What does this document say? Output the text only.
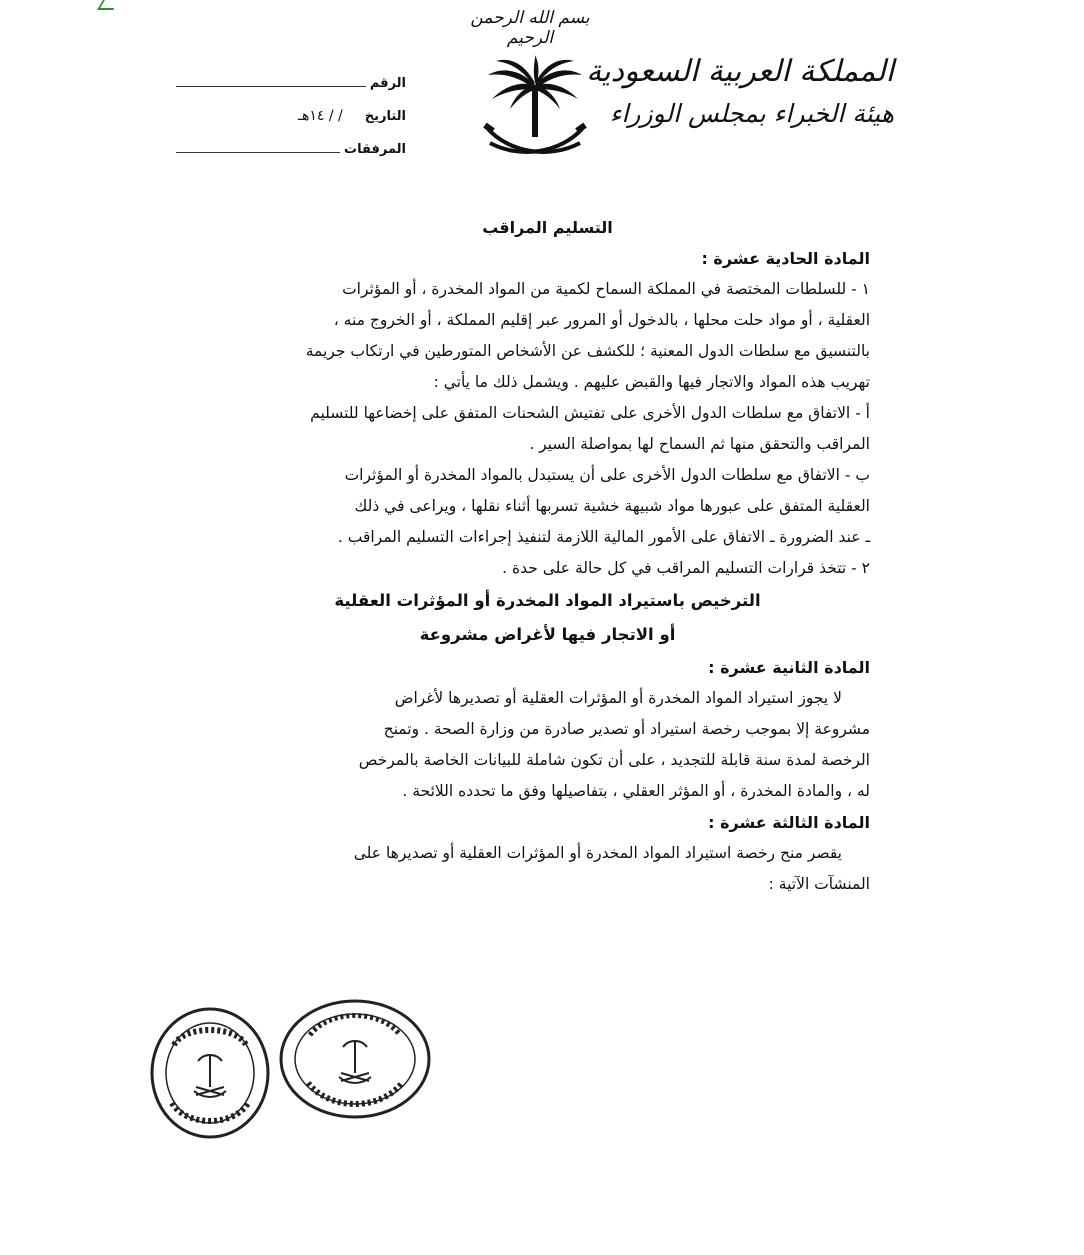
بسم الله الرحمن الرحيم
المملكة العربية السعودية
هيئة الخبراء بمجلس الوزراء
الرقم
التاريخ
/ / ١٤هـ
المرفقات

التسليم المراقب

المادة الحادية عشرة :

١ - للسلطات المختصة في المملكة السماح لكمية من المواد المخدرة ، أو المؤثرات

العقلية ، أو مواد حلت محلها ، بالدخول أو المرور عبر إقليم المملكة ، أو الخروج منه ،

بالتنسيق مع سلطات الدول المعنية ؛ للكشف عن الأشخاص المتورطين في ارتكاب جريمة

تهريب هذه المواد والاتجار فيها والقبض عليهم . ويشمل ذلك ما يأتي :

أ - الاتفاق مع سلطات الدول الأخرى على تفتيش الشحنات المتفق على إخضاعها للتسليم

المراقب والتحقق منها ثم السماح لها بمواصلة السير .

ب - الاتفاق مع سلطات الدول الأخرى على أن يستبدل بالمواد المخدرة أو المؤثرات

العقلية المتفق على عبورها مواد شبيهة خشية تسربها أثناء نقلها ، ويراعى في ذلك

ـ عند الضرورة ـ الاتفاق على الأمور المالية اللازمة لتنفيذ إجراءات التسليم المراقب .

٢ - تتخذ قرارات التسليم المراقب في كل حالة على حدة .

الترخيص باستيراد المواد المخدرة أو المؤثرات العقلية

أو الاتجار فيها لأغراض مشروعة

المادة الثانية عشرة :

لا يجوز استيراد المواد المخدرة أو المؤثرات العقلية أو تصديرها لأغراض

مشروعة إلا بموجب رخصة استيراد أو تصدير صادرة من وزارة الصحة . وتمنح

الرخصة لمدة سنة قابلة للتجديد ، على أن تكون شاملة للبيانات الخاصة بالمرخص

له ، والمادة المخدرة ، أو المؤثر العقلي ، بتفاصيلها وفق ما تحدده اللائحة .

المادة الثالثة عشرة :

يقصر منح رخصة استيراد المواد المخدرة أو المؤثرات العقلية أو تصديرها على

المنشآت الآتية :
